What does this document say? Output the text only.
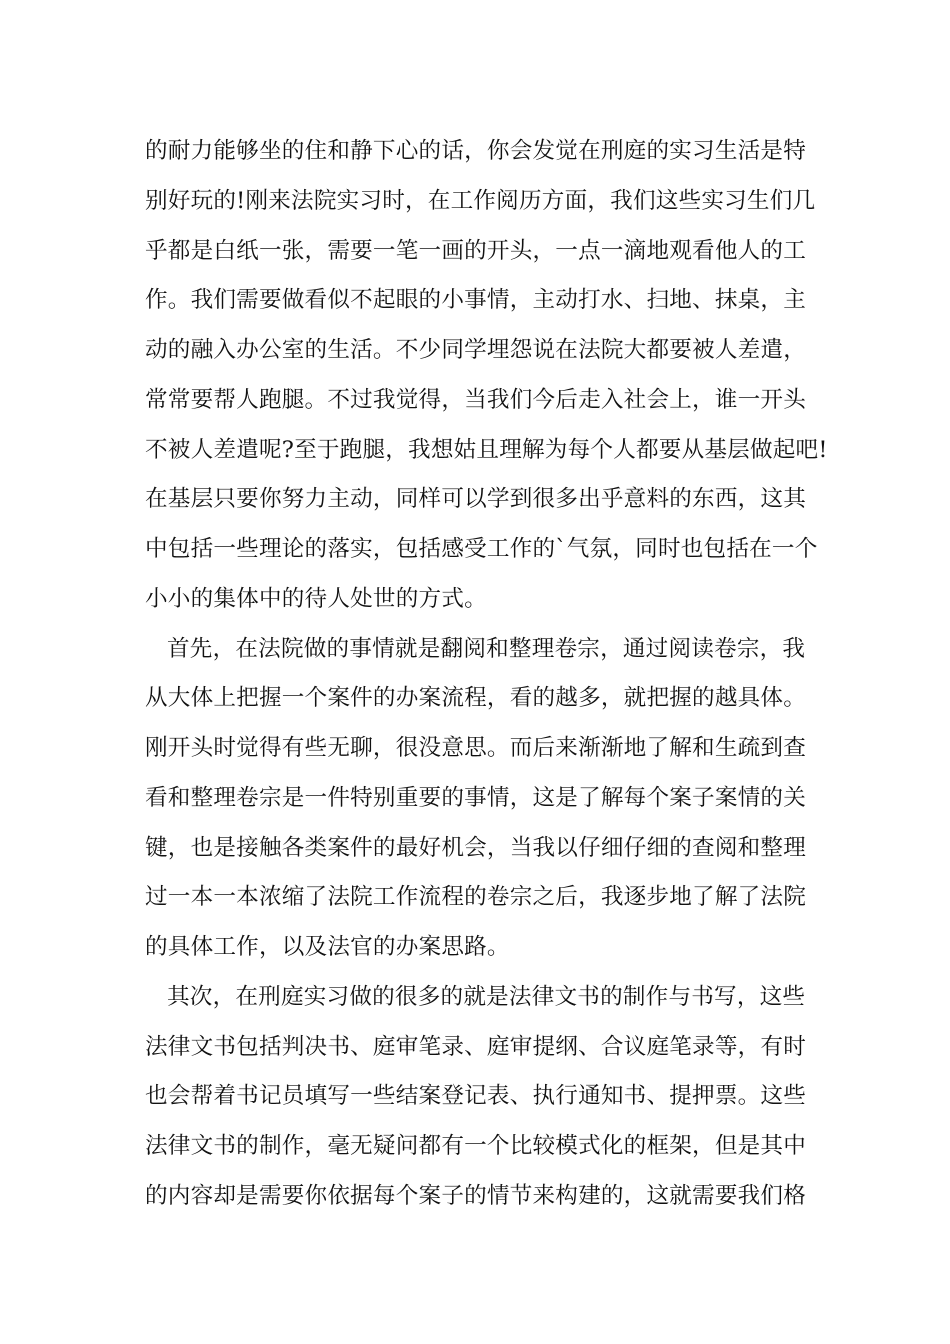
的耐力能够坐的住和静下心的话，你会发觉在刑庭的实习生活是特
别好玩的!刚来法院实习时，在工作阅历方面，我们这些实习生们几
乎都是白纸一张，需要一笔一画的开头，一点一滴地观看他人的工
作。我们需要做看似不起眼的小事情，主动打水、扫地、抹桌，主
动的融入办公室的生活。不少同学埋怨说在法院大都要被人差遣，
常常要帮人跑腿。不过我觉得，当我们今后走入社会上，谁一开头
不被人差遣呢?至于跑腿，我想姑且理解为每个人都要从基层做起吧!
在基层只要你努力主动，同样可以学到很多出乎意料的东西，这其
中包括一些理论的落实，包括感受工作的`气氛，同时也包括在一个
小小的集体中的待人处世的方式。
首先，在法院做的事情就是翻阅和整理卷宗，通过阅读卷宗，我
从大体上把握一个案件的办案流程，看的越多，就把握的越具体。
刚开头时觉得有些无聊，很没意思。而后来渐渐地了解和生疏到查
看和整理卷宗是一件特别重要的事情，这是了解每个案子案情的关
键，也是接触各类案件的最好机会，当我以仔细仔细的查阅和整理
过一本一本浓缩了法院工作流程的卷宗之后，我逐步地了解了法院
的具体工作，以及法官的办案思路。
其次，在刑庭实习做的很多的就是法律文书的制作与书写，这些
法律文书包括判决书、庭审笔录、庭审提纲、合议庭笔录等，有时
也会帮着书记员填写一些结案登记表、执行通知书、提押票。这些
法律文书的制作，毫无疑问都有一个比较模式化的框架，但是其中
的内容却是需要你依据每个案子的情节来构建的，这就需要我们格
